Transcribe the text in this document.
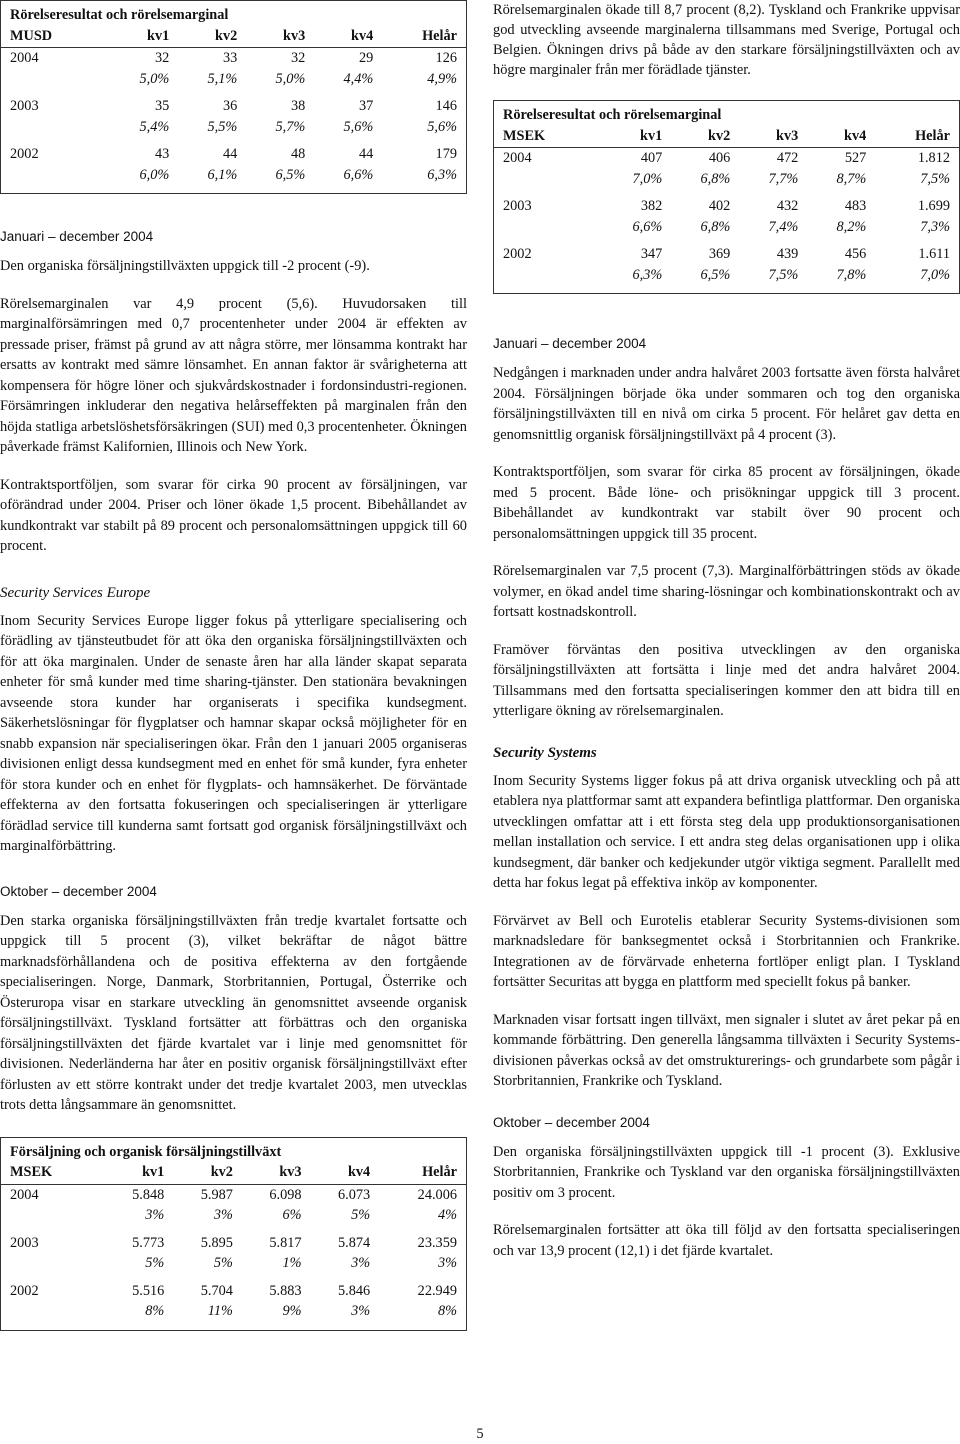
Rörelseresultat och rörelsemarginal					
MUSD	kv1	kv2	kv3	kv4	Helår
2004	32	33	32	29	126
	5,0%	5,1%	5,0%	4,4%	4,9%
2003	35	36	38	37	146
	5,4%	5,5%	5,7%	5,6%	5,6%
2002	43	44	48	44	179
	6,0%	6,1%	6,5%	6,6%	6,3%

Januari – december 2004

Den organiska försäljningstillväxten uppgick till -2 procent (-9).

Rörelsemarginalen var 4,9 procent (5,6). Huvudorsaken till marginalförsämringen med 0,7 procentenheter under 2004 är effekten av pressade priser, främst på grund av att några större, mer lönsamma kontrakt har ersatts av kontrakt med sämre lönsamhet. En annan faktor är svårigheterna att kompensera för högre löner och sjukvårdskostnader i fordonsindustri-regionen. Försämringen inkluderar den negativa helårseffekten på marginalen från den höjda statliga arbetslöshetsförsäkringen (SUI) med 0,3 procentenheter. Ökningen påverkade främst Kalifornien, Illinois och New York.

Kontraktsportföljen, som svarar för cirka 90 procent av försäljningen, var oförändrad under 2004. Priser och löner ökade 1,5 procent. Bibehållandet av kundkontrakt var stabilt på 89 procent och personalomsättningen uppgick till 60 procent.

Security Services Europe

Inom Security Services Europe ligger fokus på ytterligare specialisering och förädling av tjänsteutbudet för att öka den organiska försäljningstillväxten och för att öka marginalen. Under de senaste åren har alla länder skapat separata enheter för små kunder med time sharing-tjänster. Den stationära bevakningen avseende stora kunder har organiserats i specifika kundsegment. Säkerhetslösningar för flygplatser och hamnar skapar också möjligheter för en snabb expansion när specialiseringen ökar. Från den 1 januari 2005 organiseras divisionen enligt dessa kundsegment med en enhet för små kunder, fyra enheter för stora kunder och en enhet för flygplats- och hamnsäkerhet. De förväntade effekterna av den fortsatta fokuseringen och specialiseringen är ytterligare förädlad service till kunderna samt fortsatt god organisk försäljningstillväxt och marginalförbättring.

Oktober – december 2004

Den starka organiska försäljningstillväxten från tredje kvartalet fortsatte och uppgick till 5 procent (3), vilket bekräftar de något bättre marknadsförhållandena och de positiva effekterna av den fortgående specialiseringen. Norge, Danmark, Storbritannien, Portugal, Österrike och Österuropa visar en starkare utveckling än genomsnittet avseende organisk försäljningstillväxt. Tyskland fortsätter att förbättras och den organiska försäljningstillväxten det fjärde kvartalet var i linje med genomsnittet för divisionen. Nederländerna har åter en positiv organisk försäljningstillväxt efter förlusten av ett större kontrakt under det tredje kvartalet 2003, men utvecklas trots detta långsammare än genomsnittet.

Försäljning och organisk försäljningstillväxt					
MSEK	kv1	kv2	kv3	kv4	Helår
2004	5.848	5.987	6.098	6.073	24.006
	3%	3%	6%	5%	4%
2003	5.773	5.895	5.817	5.874	23.359
	5%	5%	1%	3%	3%
2002	5.516	5.704	5.883	5.846	22.949
	8%	11%	9%	3%	8%

Rörelsemarginalen ökade till 8,7 procent (8,2). Tyskland och Frankrike uppvisar god utveckling avseende marginalerna tillsammans med Sverige, Portugal och Belgien. Ökningen drivs på både av den starkare försäljningstillväxten och av högre marginaler från mer förädlade tjänster.

Rörelseresultat och rörelsemarginal					
MSEK	kv1	kv2	kv3	kv4	Helår
2004	407	406	472	527	1.812
	7,0%	6,8%	7,7%	8,7%	7,5%
2003	382	402	432	483	1.699
	6,6%	6,8%	7,4%	8,2%	7,3%
2002	347	369	439	456	1.611
	6,3%	6,5%	7,5%	7,8%	7,0%

Januari – december 2004

Nedgången i marknaden under andra halvåret 2003 fortsatte även första halvåret 2004. Försäljningen började öka under sommaren och tog den organiska försäljningstillväxten till en nivå om cirka 5 procent. För helåret gav detta en genomsnittlig organisk försäljningstillväxt på 4 procent (3).

Kontraktsportföljen, som svarar för cirka 85 procent av försäljningen, ökade med 5 procent. Både löne- och prisökningar uppgick till 3 procent. Bibehållandet av kundkontrakt var stabilt över 90 procent och personalomsättningen uppgick till 35 procent.

Rörelsemarginalen var 7,5 procent (7,3). Marginalförbättringen stöds av ökade volymer, en ökad andel time sharing-lösningar och kombinationskontrakt och av fortsatt kostnadskontroll.

Framöver förväntas den positiva utvecklingen av den organiska försäljningstillväxten att fortsätta i linje med det andra halvåret 2004. Tillsammans med den fortsatta specialiseringen kommer den att bidra till en ytterligare ökning av rörelsemarginalen.

Security Systems

Inom Security Systems ligger fokus på att driva organisk utveckling och på att etablera nya plattformar samt att expandera befintliga plattformar. Den organiska utvecklingen omfattar att i ett första steg dela upp produktionsorganisationen mellan installation och service. I ett andra steg delas organisationen upp i olika kundsegment, där banker och kedjekunder utgör viktiga segment. Parallellt med detta har fokus legat på effektiva inköp av komponenter.

Förvärvet av Bell och Eurotelis etablerar Security Systems-divisionen som marknadsledare för banksegmentet också i Storbritannien och Frankrike. Integrationen av de förvärvade enheterna fortlöper enligt plan. I Tyskland fortsätter Securitas att bygga en plattform med speciellt fokus på banker.

Marknaden visar fortsatt ingen tillväxt, men signaler i slutet av året pekar på en kommande förbättring. Den generella långsamma tillväxten i Security Systems-divisionen påverkas också av det omstrukturerings- och grundarbete som pågår i Storbritannien, Frankrike och Tyskland.

Oktober – december 2004

Den organiska försäljningstillväxten uppgick till -1 procent (3). Exklusive Storbritannien, Frankrike och Tyskland var den organiska försäljningstillväxten positiv om 3 procent.

Rörelsemarginalen fortsätter att öka till följd av den fortsatta specialiseringen och var 13,9 procent (12,1) i det fjärde kvartalet.

5
